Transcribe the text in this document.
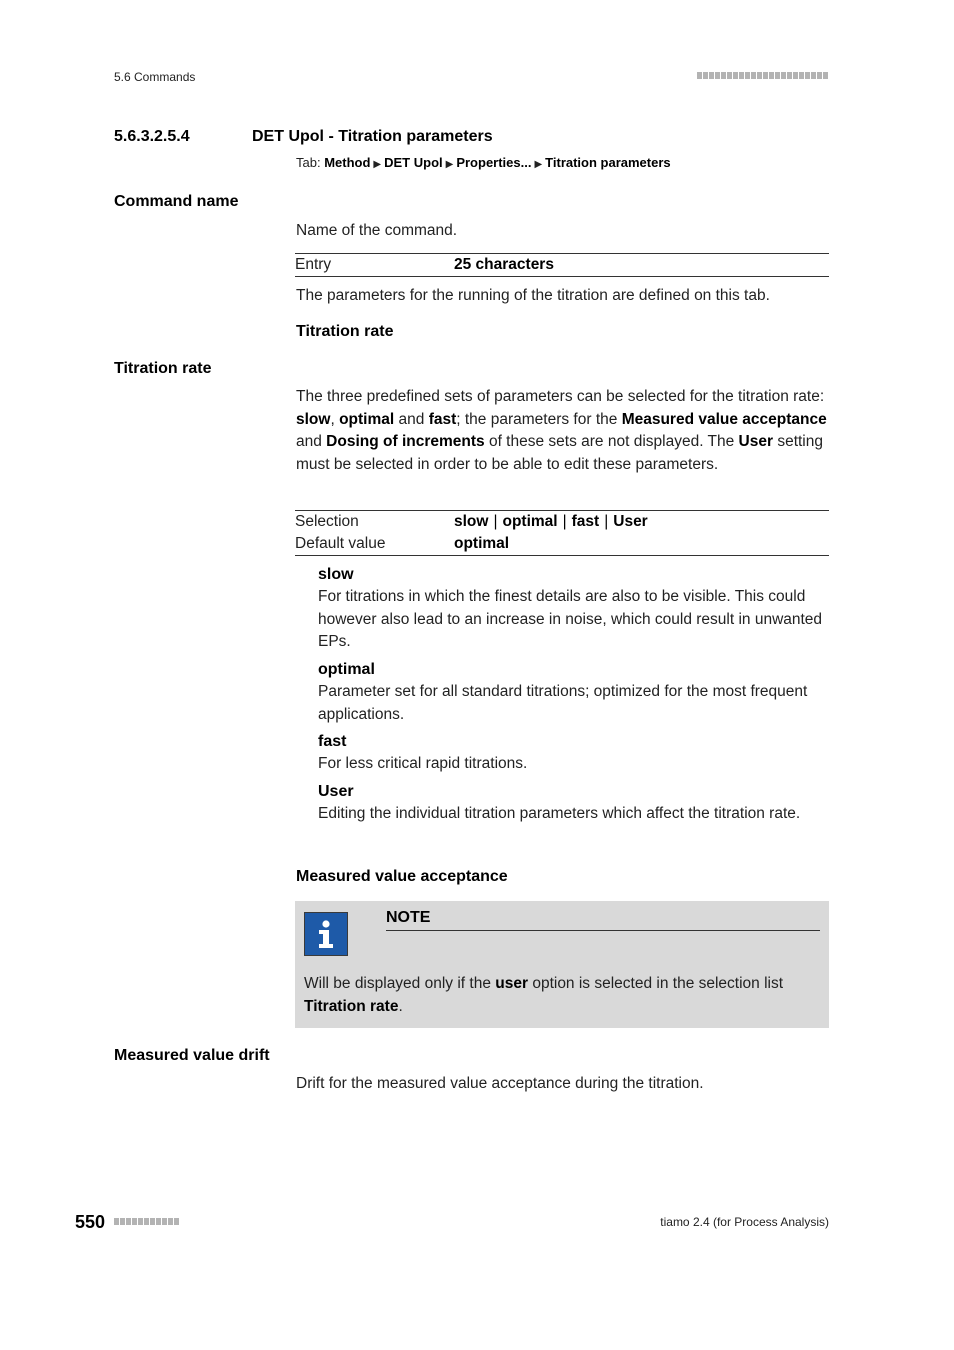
5.6 Commands
5.6.3.2.5.4	DET Upol - Titration parameters
Tab: Method ▶ DET Upol ▶ Properties... ▶ Titration parameters
Command name
Name of the command.
Entry	25 characters
The parameters for the running of the titration are defined on this tab.
Titration rate
Titration rate
The three predefined sets of parameters can be selected for the titration rate: slow, optimal and fast; the parameters for the Measured value acceptance and Dosing of increments of these sets are not displayed. The User setting must be selected in order to be able to edit these parameters.
Selection	slow | optimal | fast | User
Default value	optimal
slow
For titrations in which the finest details are also to be visible. This could however also lead to an increase in noise, which could result in unwanted EPs.
optimal
Parameter set for all standard titrations; optimized for the most frequent applications.
fast
For less critical rapid titrations.
User
Editing the individual titration parameters which affect the titration rate.
Measured value acceptance
NOTE
Will be displayed only if the user option is selected in the selection list Titration rate.
Measured value drift
Drift for the measured value acceptance during the titration.
550	tiamo 2.4 (for Process Analysis)
